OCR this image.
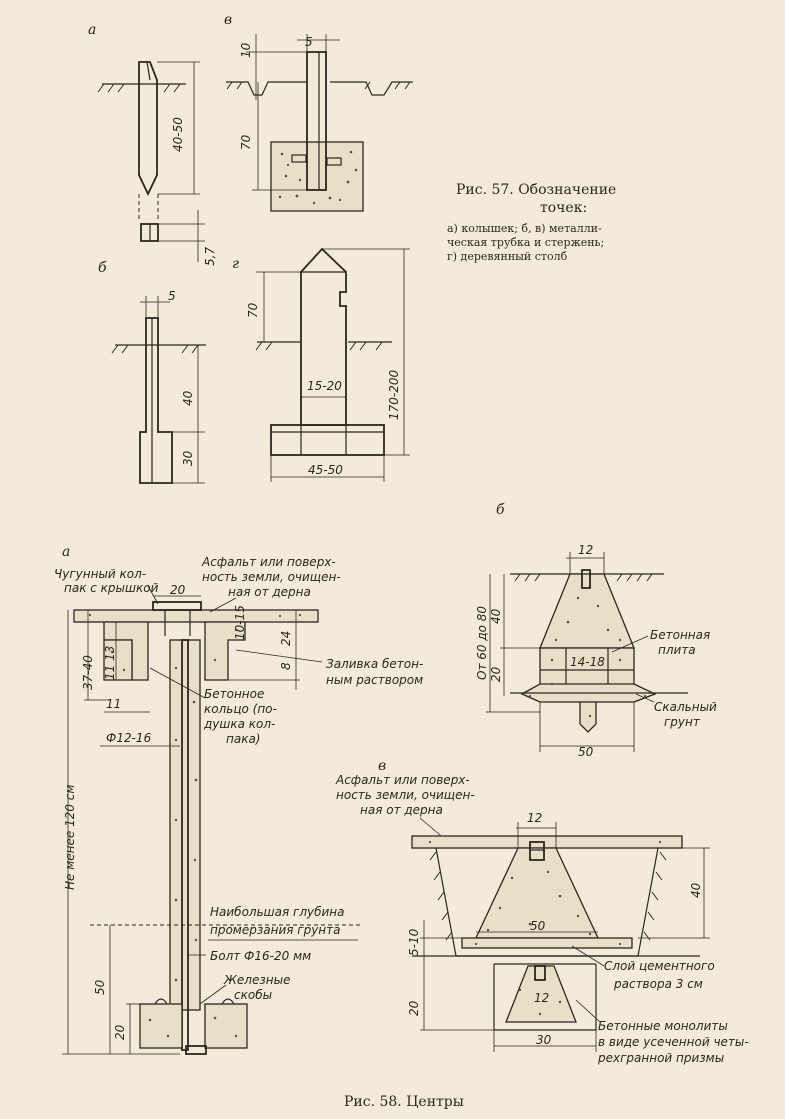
а
40-50
5,7
в
5
10
70
б
5
40
30
г
70
15-20	170-200
45-50
Рис. 57. Обозначение
точек:
а) колышек; б, в) металли-
ческая трубка и стержень;
г) деревянный столб
а
Не менее 120 см
37-40 11 13
11
Ф12-16
50
20
20
10-15	24
8
Чугунный кол-
пак с крышкой
Асфальт или поверх-
ность земли, очищен-
ная от дерна
Заливка бетон-
ным раствором
Бетонное
кольцо (по-
душка кол-
пака)
Наибольшая глубина
промерзания грунта
Болт Ф16-20 мм
Железные
скобы
б
12
От 60 до 80 40
20
14-18
50
Бетонная
плита
Скальный
грунт
в
Асфальт или поверх-
ность земли, очищен-
ная от дерна
12
40
50
5-10
20
12
30
Слой цементного
раствора 3 см
Бетонные монолиты
в виде усеченной четы-
рехгранной призмы
Рис. 58. Центры
